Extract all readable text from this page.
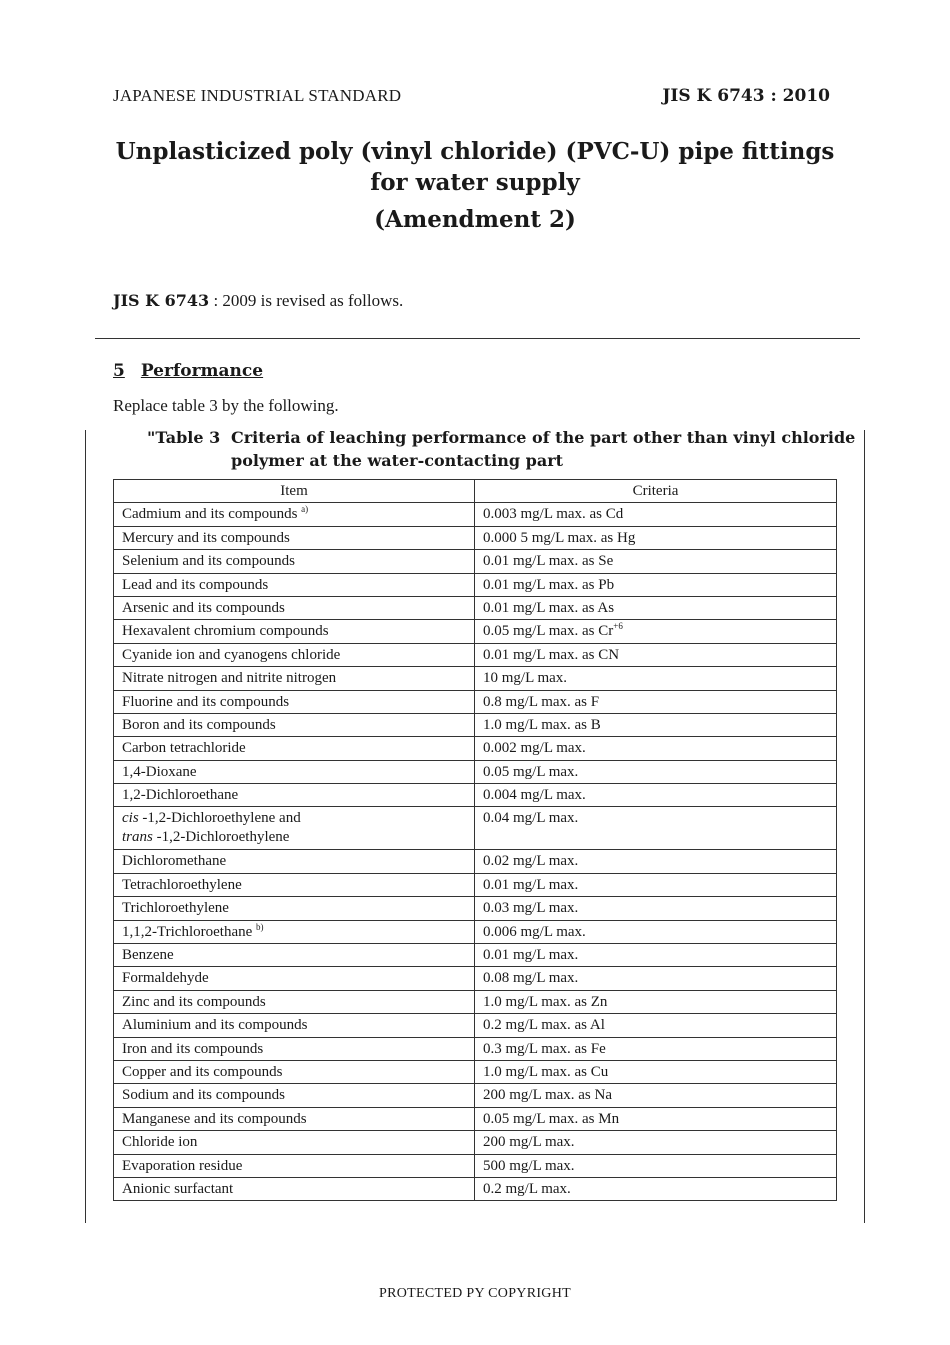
JAPANESE INDUSTRIAL STANDARD	JIS K 6743 : 2010
Unplasticized poly (vinyl chloride) (PVC-U) pipe fittings
for water supply
(Amendment 2)
JIS K 6743 : 2009 is revised as follows.
5 Performance
Replace table 3 by the following.
"Table 3 Criteria of leaching performance of the part other than vinyl chloride
polymer at the water-contacting part
Item	Criteria
Cadmium and its compounds $^{a)}$	0.003 mg/L max. as Cd
Mercury and its compounds	0.000 5 mg/L max. as Hg
Selenium and its compounds	0.01 mg/L max. as Se
Lead and its compounds	0.01 mg/L max. as Pb
Arsenic and its compounds	0.01 mg/L max. as As
Hexavalent chromium compounds	0.05 mg/L max. as $Cr^{+6}$
Cyanide ion and cyanogens chloride	0.01 mg/L max. as CN
Nitrate nitrogen and nitrite nitrogen	10 mg/L max.
Fluorine and its compounds	0.8 mg/L max. as F
Boron and its compounds	1.0 mg/L max. as B
Carbon tetrachloride	0.002 mg/L max.
1,4-Dioxane	0.05 mg/L max.
1,2-Dichloroethane	0.004 mg/L max.
cis -1,2-Dichloroethylene and
trans -1,2-Dichloroethylene	0.04 mg/L max.
Dichloromethane	0.02 mg/L max.
Tetrachloroethylene	0.01 mg/L max.
Trichloroethylene	0.03 mg/L max.
1,1,2-Trichloroethane $^{b)}$	0.006 mg/L max.
Benzene	0.01 mg/L max.
Formaldehyde	0.08 mg/L max.
Zinc and its compounds	1.0 mg/L max. as Zn
Aluminium and its compounds	0.2 mg/L max. as Al
Iron and its compounds	0.3 mg/L max. as Fe
Copper and its compounds	1.0 mg/L max. as Cu
Sodium and its compounds	200 mg/L max. as Na
Manganese and its compounds	0.05 mg/L max. as Mn
Chloride ion	200 mg/L max.
Evaporation residue	500 mg/L max.
Anionic surfactant	0.2 mg/L max.
PROTECTED PY COPYRIGHT
